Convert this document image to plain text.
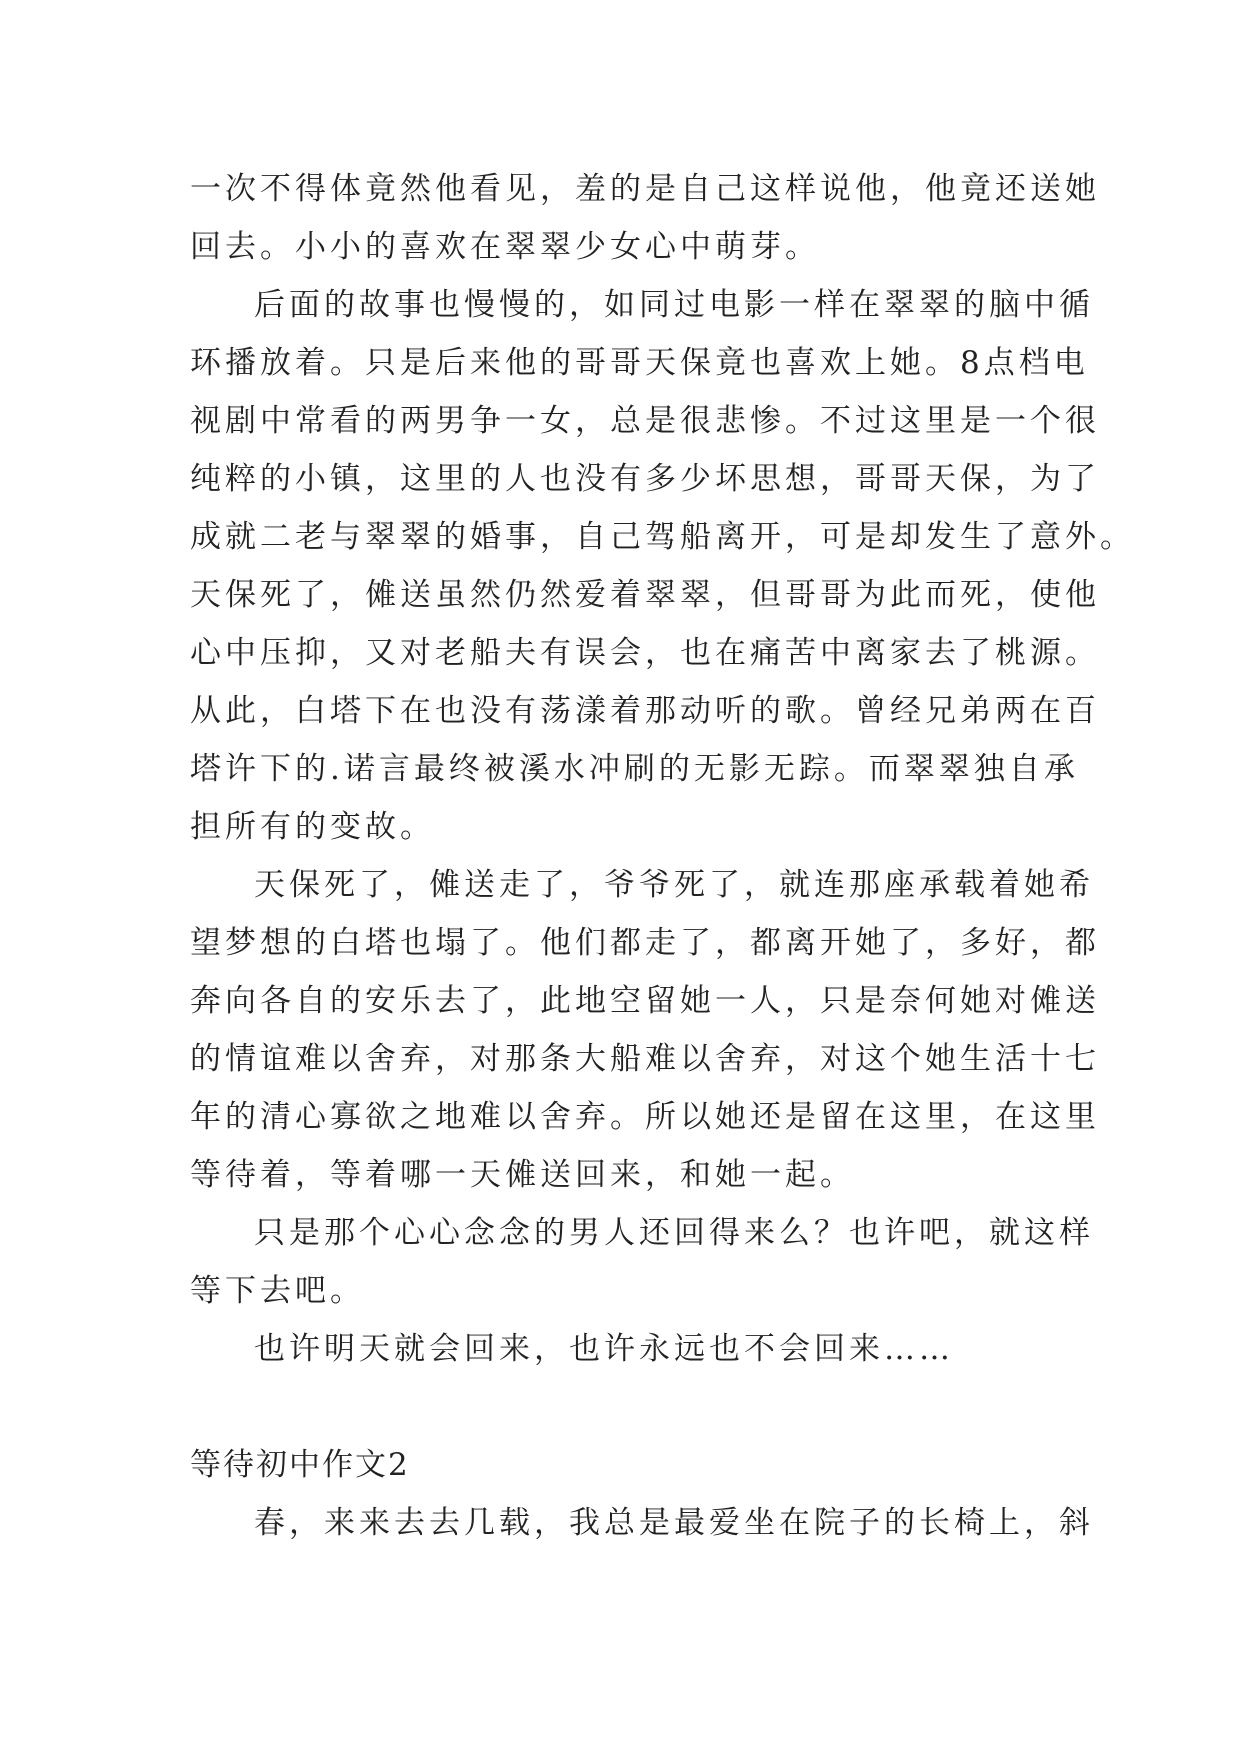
一次不得体竟然他看见，羞的是自己这样说他，他竟还送她
回去。小小的喜欢在翠翠少女心中萌芽。
后面的故事也慢慢的，如同过电影一样在翠翠的脑中循
环播放着。只是后来他的哥哥天保竟也喜欢上她。8点档电
视剧中常看的两男争一女，总是很悲惨。不过这里是一个很
纯粹的小镇，这里的人也没有多少坏思想，哥哥天保，为了
成就二老与翠翠的婚事，自己驾船离开，可是却发生了意外。
天保死了，傩送虽然仍然爱着翠翠，但哥哥为此而死，使他
心中压抑，又对老船夫有误会，也在痛苦中离家去了桃源。
从此，白塔下在也没有荡漾着那动听的歌。曾经兄弟两在百
塔许下的.诺言最终被溪水冲刷的无影无踪。而翠翠独自承
担所有的变故。
天保死了，傩送走了，爷爷死了，就连那座承载着她希
望梦想的白塔也塌了。他们都走了，都离开她了，多好，都
奔向各自的安乐去了，此地空留她一人，只是奈何她对傩送
的情谊难以舍弃，对那条大船难以舍弃，对这个她生活十七
年的清心寡欲之地难以舍弃。所以她还是留在这里，在这里
等待着，等着哪一天傩送回来，和她一起。
只是那个心心念念的男人还回得来么？也许吧，就这样
等下去吧。
也许明天就会回来，也许永远也不会回来……
等待初中作文2
春，来来去去几载，我总是最爱坐在院子的长椅上，斜
